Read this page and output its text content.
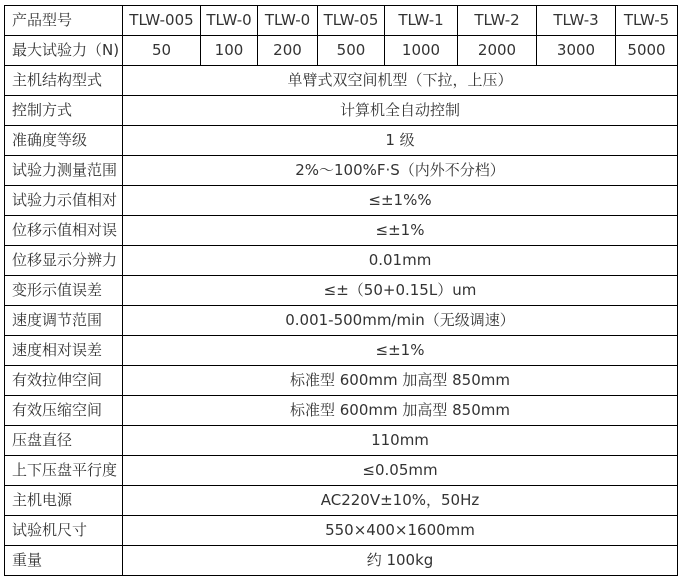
产品型号	TLW-005	TLW-0	TLW-0	TLW-05	TLW-1	TLW-2	TLW-3	TLW-5
最大试验力（N)	50	100	200	500	1000	2000	3000	5000
主机结构型式	单臂式双空间机型（下拉，上压）							
控制方式	计算机全自动控制							
准确度等级	1 级							
试验力测量范围	2%～100%F·S（内外不分档）							
试验力示值相对	≤±1%%							
位移示值相对误	≤±1%							
位移显示分辨力	0.01mm							
变形示值误差	≤±（50+0.15L）um							
速度调节范围	0.001-500mm/min（无级调速）							
速度相对误差	≤±1%							
有效拉伸空间	标准型 600mm 加高型 850mm							
有效压缩空间	标准型 600mm 加高型 850mm							
压盘直径	110mm							
上下压盘平行度	≤0.05mm							
主机电源	AC220V±10%，50Hz							
试验机尺寸	550×400×1600mm							
重量	约 100kg							
